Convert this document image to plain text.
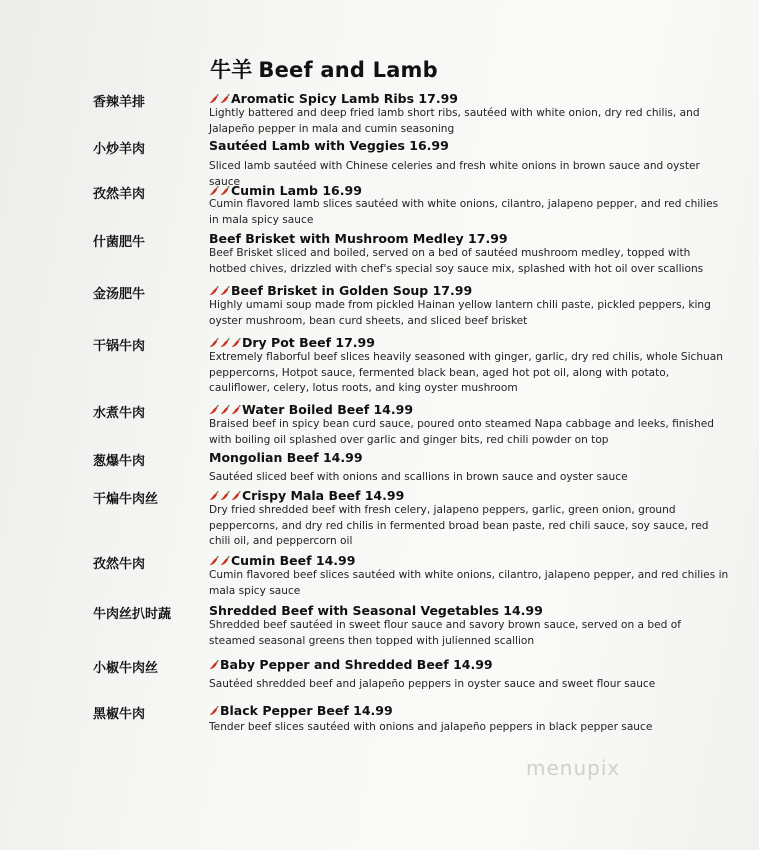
牛羊 Beef and Lamb
香辣羊排	Aromatic Spicy Lamb Ribs 17.99
Lightly battered and deep fried lamb short ribs, sautéed with white onion, dry red chilis, and Jalapeño pepper in mala and cumin seasoning
小炒羊肉	Sautéed Lamb with Veggies 16.99
Sliced lamb sautéed with Chinese celeries and fresh white onions in brown sauce and oyster sauce
孜然羊肉	Cumin Lamb 16.99
Cumin flavored lamb slices sautéed with white onions, cilantro, jalapeno pepper, and red chilies in mala spicy sauce
什菌肥牛	Beef Brisket with Mushroom Medley 17.99
Beef Brisket sliced and boiled, served on a bed of sautéed mushroom medley, topped with hotbed chives, drizzled with chef's special soy sauce mix, splashed with hot oil over scallions
金汤肥牛	Beef Brisket in Golden Soup 17.99
Highly umami soup made from pickled Hainan yellow lantern chili paste, pickled peppers, king oyster mushroom, bean curd sheets, and sliced beef brisket
干锅牛肉	Dry Pot Beef 17.99
Extremely flaborful beef slices heavily seasoned with ginger, garlic, dry red chilis, whole Sichuan peppercorns, Hotpot sauce, fermented black bean, aged hot pot oil, along with potato, cauliflower, celery, lotus roots, and king oyster mushroom
水煮牛肉	Water Boiled Beef 14.99
Braised beef in spicy bean curd sauce, poured onto steamed Napa cabbage and leeks, finished with boiling oil splashed over garlic and ginger bits, red chili powder on top
葱爆牛肉	Mongolian Beef 14.99
Sautéed sliced beef with onions and scallions in brown sauce and oyster sauce
干煸牛肉丝	Crispy Mala Beef 14.99
Dry fried shredded beef with fresh celery, jalapeno peppers, garlic, green onion, ground peppercorns, and dry red chilis in fermented broad bean paste, red chili sauce, soy sauce, red chili oil, and peppercorn oil
孜然牛肉	Cumin Beef 14.99
Cumin flavored beef slices sautéed with white onions, cilantro, jalapeno pepper, and red chilies in mala spicy sauce
牛肉丝扒时蔬	Shredded Beef with Seasonal Vegetables 14.99
Shredded beef sautéed in sweet flour sauce and savory brown sauce, served on a bed of steamed seasonal greens then topped with julienned scallion
小椒牛肉丝	Baby Pepper and Shredded Beef 14.99
Sautéed shredded beef and jalapeño peppers in oyster sauce and sweet flour sauce
黑椒牛肉	Black Pepper Beef 14.99
Tender beef slices sautéed with onions and jalapeño peppers in black pepper sauce
menupix
